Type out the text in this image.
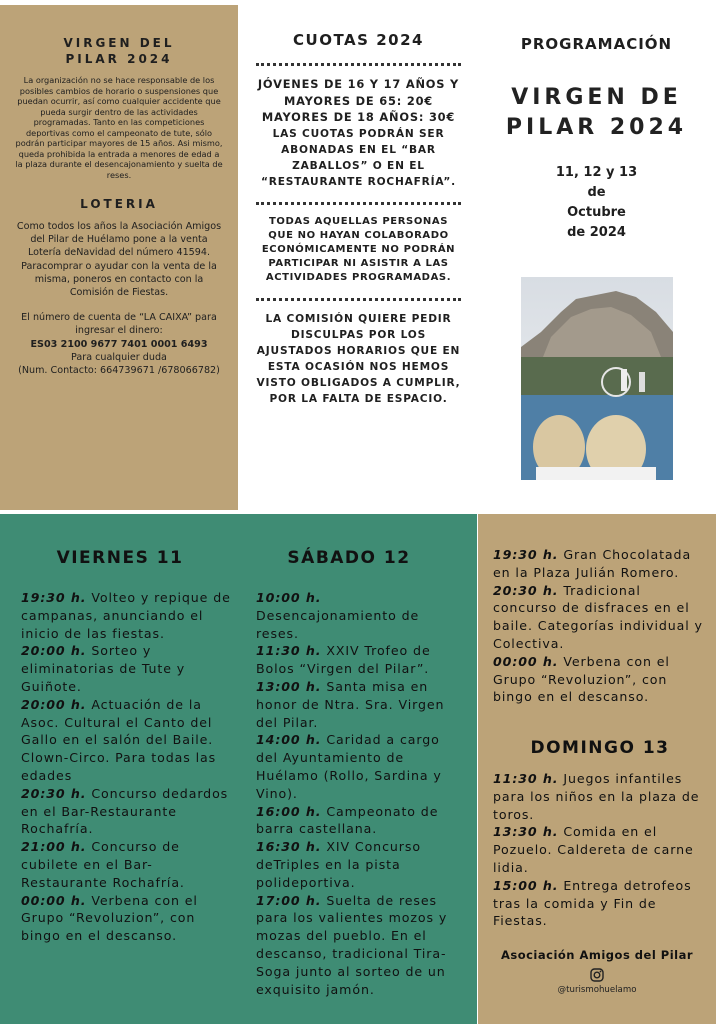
VIRGEN DEL
PILAR 2024
La organización no se hace responsable de los posibles cambios de horario o suspensiones que puedan ocurrir, así como cualquier accidente que pueda surgir dentro de las actividades programadas. Tanto en las competiciones deportivas como el campeonato de tute, sólo podrán participar mayores de 15 años. Asi mismo, queda prohibida la entrada a menores de edad a la plaza durante el desencajonamiento y suelta de reses.
LOTERIA
Como todos los años la Asociación Amigos del Pilar de Huélamo pone a la venta Lotería deNavidad del número 41594. Paracomprar o ayudar con la venta de la misma, poneros en contacto con la Comisión de Fiestas.
El número de cuenta de “LA CAIXA” para ingresar el dinero:
ES03 2100 9677 7401 0001 6493
Para cualquier duda
(Num. Contacto: 664739671 /678066782)
CUOTAS 2024
JÓVENES DE 16 Y 17 AÑOS Y MAYORES DE 65: 20€
MAYORES DE 18 AÑOS: 30€
LAS CUOTAS PODRÁN SER ABONADAS EN EL “BAR ZABALLOS” O EN EL “RESTAURANTE ROCHAFRÍA”.
TODAS AQUELLAS PERSONAS QUE NO HAYAN COLABORADO ECONÓMICAMENTE NO PODRÁN PARTICIPAR NI ASISTIR A LAS ACTIVIDADES PROGRAMADAS.
LA COMISIÓN QUIERE PEDIR DISCULPAS POR LOS AJUSTADOS HORARIOS QUE EN ESTA OCASIÓN NOS HEMOS VISTO OBLIGADOS A CUMPLIR, POR LA FALTA DE ESPACIO.
PROGRAMACIÓN
VIRGEN DE
PILAR 2024
11, 12 y 13
de
Octubre
de 2024
VIERNES 11

19:30 h. Volteo y repique de campanas, anunciando el inicio de las fiestas.

20:00 h. Sorteo y eliminatorias de Tute y Guiñote.

20:00 h. Actuación de la Asoc. Cultural el Canto del Gallo en el salón del Baile. Clown-Circo. Para todas las edades

20:30 h. Concurso dedardos en el Bar-Restaurante Rochafría.

21:00 h. Concurso de cubilete en el Bar-Restaurante Rochafría.

00:00 h. Verbena con el Grupo “Revoluzion”, con bingo en el descanso.

SÁBADO 12

10:00 h. Desencajonamiento de reses.

11:30 h. XXIV Trofeo de Bolos “Virgen del Pilar”.

13:00 h. Santa misa en honor de Ntra. Sra. Virgen del Pilar.

14:00 h. Caridad a cargo del Ayuntamiento de Huélamo (Rollo, Sardina y Vino).

16:00 h. Campeonato de barra castellana.

16:30 h. XIV Concurso deTriples en la pista polideportiva.

17:00 h. Suelta de reses para los valientes mozos y mozas del pueblo. En el descanso, tradicional Tira-Soga junto al sorteo de un exquisito jamón.

19:30 h. Gran Chocolatada en la Plaza Julián Romero.

20:30 h. Tradicional concurso de disfraces en el baile. Categorías individual y Colectiva.

00:00 h. Verbena con el Grupo “Revoluzion”, con bingo en el descanso.

DOMINGO 13

11:30 h. Juegos infantiles para los niños en la plaza de toros.

13:30 h. Comida en el Pozuelo. Caldereta de carne lidia.

15:00 h. Entrega detrofeos tras la comida y Fin de Fiestas.

Asociación Amigos del Pilar
@turismohuelamo
